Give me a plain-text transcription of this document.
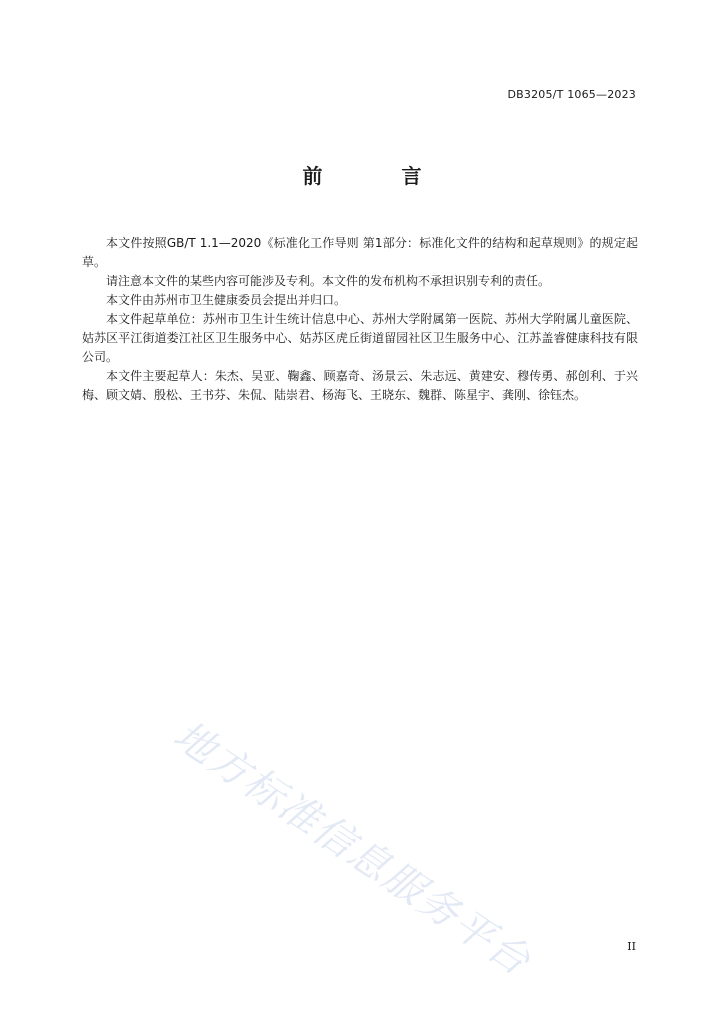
DB3205/T 1065—2023
前 言

本文件按照GB/T 1.1—2020《标准化工作导则 第1部分：标准化文件的结构和起草规则》的规定起草。

请注意本文件的某些内容可能涉及专利。本文件的发布机构不承担识别专利的责任。

本文件由苏州市卫生健康委员会提出并归口。

本文件起草单位：苏州市卫生计生统计信息中心、苏州大学附属第一医院、苏州大学附属儿童医院、姑苏区平江街道娄江社区卫生服务中心、姑苏区虎丘街道留园社区卫生服务中心、江苏盖睿健康科技有限公司。

本文件主要起草人：朱杰、吴亚、鞠鑫、顾嘉奇、汤景云、朱志远、黄建安、穆传勇、郝创利、于兴梅、顾文婧、殷松、王书芬、朱侃、陆崇君、杨海飞、王晓东、魏群、陈星宇、龚刚、徐钰杰。

地方标准信息服务平台	II
